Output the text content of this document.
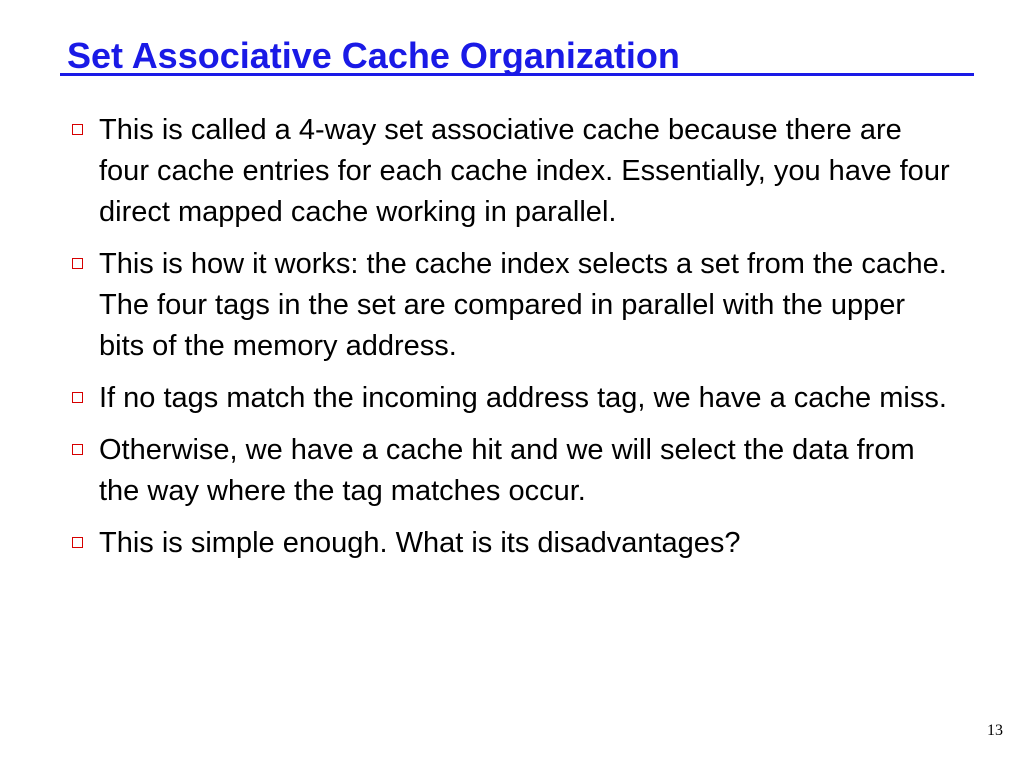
Set Associative Cache Organization
This is called a 4-way set associative cache because there are four cache entries for each cache index. Essentially, you have four direct mapped cache working in parallel.
This is how it works: the cache index selects a set from the cache. The four tags in the set are compared in parallel with the upper bits of the memory address.
If no tags match the incoming address tag, we have a cache miss.
Otherwise, we have a cache hit and we will select the data from the way where the tag matches occur.
This is simple enough. What is its disadvantages?
13
